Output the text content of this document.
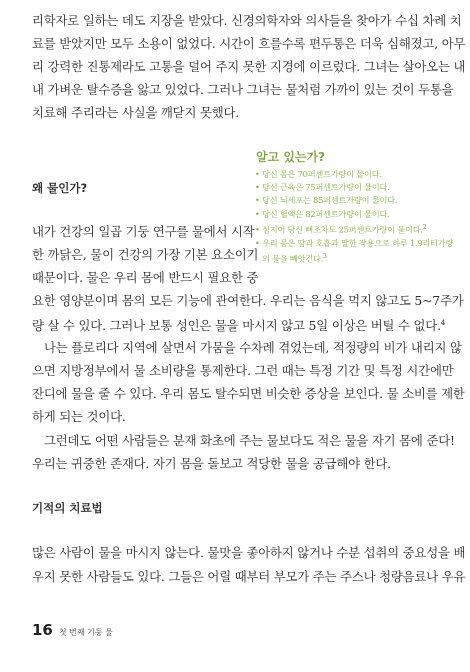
리학자로 일하는 데도 지장을 받았다. 신경의학자와 의사들을 찾아가 수십 차례 치
료를 받았지만 모두 소용이 없었다. 시간이 흐를수록 편두통은 더욱 심해졌고, 아무
리 강력한 진통제라도 고통을 덜어 주지 못한 지경에 이르렀다. 그녀는 살아오는 내
내 가벼운 탈수증을 앓고 있었다. 그러나 그녀는 물처럼 가까이 있는 것이 두통을
치료해 주리라는 사실을 깨닫지 못했다.
왜 물인가?
알고 있는가?
• 당신 몸은 70퍼센트가량이 물이다.
• 당신 근육은 75퍼센트가량이 물이다.
• 당신 뇌세포는 85퍼센트가량이 물이다.
• 당신 혈액은 82퍼센트가량이 물이다.
• 심지어 당신 뼈조차도 25퍼센트가량이 물이다.$^2$
• 우리 몸은 땀과 호흡과 말한 작용으로 하루 1.9리터가량의 물을 빼앗긴다.$^3$
내가 건강의 일곱 기둥 연구를 물에서 시작
한 까닭은, 물이 건강의 가장 기본 요소이기
때문이다. 물은 우리 몸에 반드시 필요한 중
요한 영양분이며 몸의 모든 기능에 관여한다. 우리는 음식을 먹지 않고도 5~7주가
량 살 수 있다. 그러나 보통 성인은 물을 마시지 않고 5일 이상은 버틸 수 없다.$^4$
나는 플로리다 지역에 살면서 가뭄을 수차례 겪었는데, 적정량의 비가 내리지 않
으면 지방정부에서 물 소비량을 통제한다. 그런 때는 특정 기간 및 특정 시간에만
잔디에 물을 줄 수 있다. 우리 몸도 탈수되면 비슷한 증상을 보인다. 물 소비를 제한
하게 되는 것이다.
그런데도 어떤 사람들은 분재 화초에 주는 물보다도 적은 물을 자기 몸에 준다!
우리는 귀중한 존재다. 자기 몸을 돌보고 적당한 물을 공급해야 한다.
기적의 치료법
많은 사람이 물을 마시지 않는다. 물맛을 좋아하지 않거나 수분 섭취의 중요성을 배
우지 못한 사람들도 있다. 그들은 어릴 때부터 부모가 주는 주스나 청량음료나 우유
16 첫 번째 기둥 물
